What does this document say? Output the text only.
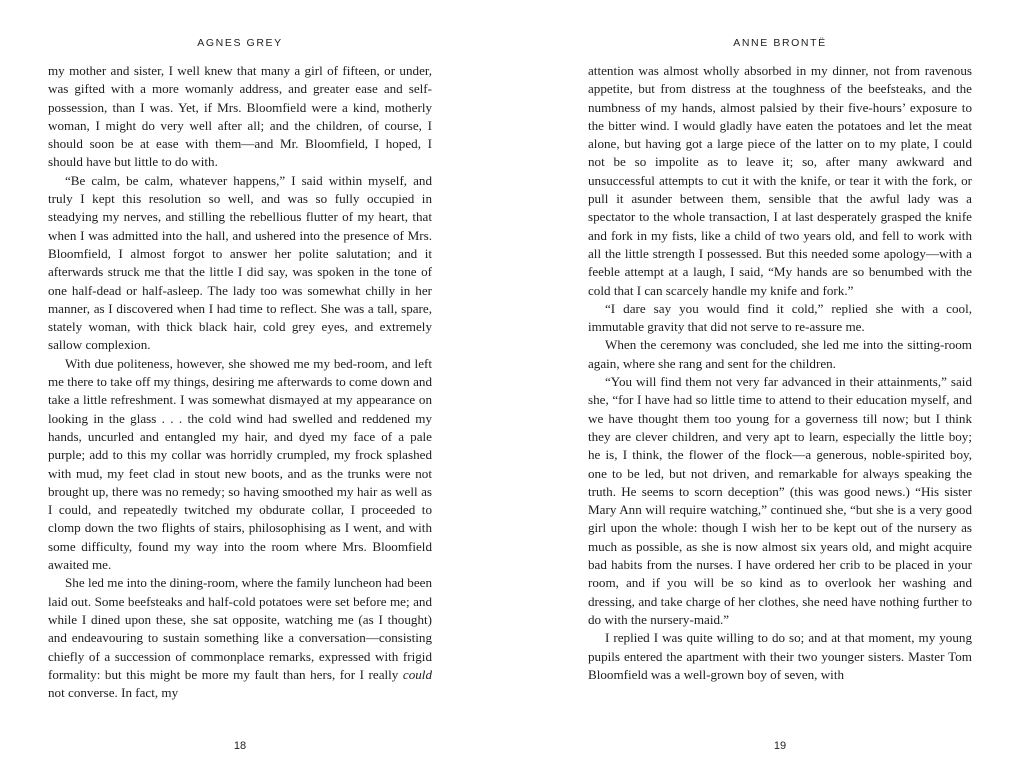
AGNES GREY

my mother and sister, I well knew that many a girl of fifteen, or under, was gifted with a more womanly address, and greater ease and self-possession, than I was. Yet, if Mrs. Bloomfield were a kind, motherly woman, I might do very well after all; and the children, of course, I should soon be at ease with them—and Mr. Bloomfield, I hoped, I should have but little to do with.

“Be calm, be calm, whatever happens,” I said within myself, and truly I kept this resolution so well, and was so fully occupied in steadying my nerves, and stilling the rebellious flutter of my heart, that when I was admitted into the hall, and ushered into the presence of Mrs. Bloomfield, I almost forgot to answer her polite salutation; and it afterwards struck me that the little I did say, was spoken in the tone of one half-dead or half-asleep. The lady too was somewhat chilly in her manner, as I discovered when I had time to reflect. She was a tall, spare, stately woman, with thick black hair, cold grey eyes, and extremely sallow complexion.

With due politeness, however, she showed me my bed-room, and left me there to take off my things, desiring me afterwards to come down and take a little refreshment. I was somewhat dismayed at my appearance on looking in the glass . . . the cold wind had swelled and reddened my hands, uncurled and entangled my hair, and dyed my face of a pale purple; add to this my collar was horridly crumpled, my frock splashed with mud, my feet clad in stout new boots, and as the trunks were not brought up, there was no remedy; so having smoothed my hair as well as I could, and repeatedly twitched my obdurate collar, I proceeded to clomp down the two flights of stairs, philosophising as I went, and with some difficulty, found my way into the room where Mrs. Bloomfield awaited me.

She led me into the dining-room, where the family luncheon had been laid out. Some beefsteaks and half-cold potatoes were set before me; and while I dined upon these, she sat opposite, watching me (as I thought) and endeavouring to sustain something like a conversation—consisting chiefly of a succession of commonplace remarks, expressed with frigid formality: but this might be more my fault than hers, for I really could not converse. In fact, my

18
ANNE BRONTË

attention was almost wholly absorbed in my dinner, not from ravenous appetite, but from distress at the toughness of the beefsteaks, and the numbness of my hands, almost palsied by their five-hours’ exposure to the bitter wind. I would gladly have eaten the potatoes and let the meat alone, but having got a large piece of the latter on to my plate, I could not be so impolite as to leave it; so, after many awkward and unsuccessful attempts to cut it with the knife, or tear it with the fork, or pull it asunder between them, sensible that the awful lady was a spectator to the whole transaction, I at last desperately grasped the knife and fork in my fists, like a child of two years old, and fell to work with all the little strength I possessed. But this needed some apology—with a feeble attempt at a laugh, I said, “My hands are so benumbed with the cold that I can scarcely handle my knife and fork.”

“I dare say you would find it cold,” replied she with a cool, immutable gravity that did not serve to re-assure me.

When the ceremony was concluded, she led me into the sitting-room again, where she rang and sent for the children.

“You will find them not very far advanced in their attainments,” said she, “for I have had so little time to attend to their education myself, and we have thought them too young for a governess till now; but I think they are clever children, and very apt to learn, especially the little boy; he is, I think, the flower of the flock—a generous, noble-spirited boy, one to be led, but not driven, and remarkable for always speaking the truth. He seems to scorn deception” (this was good news.) “His sister Mary Ann will require watching,” continued she, “but she is a very good girl upon the whole: though I wish her to be kept out of the nursery as much as possible, as she is now almost six years old, and might acquire bad habits from the nurses. I have ordered her crib to be placed in your room, and if you will be so kind as to overlook her washing and dressing, and take charge of her clothes, she need have nothing further to do with the nursery-maid.”

I replied I was quite willing to do so; and at that moment, my young pupils entered the apartment with their two younger sisters. Master Tom Bloomfield was a well-grown boy of seven, with

19
